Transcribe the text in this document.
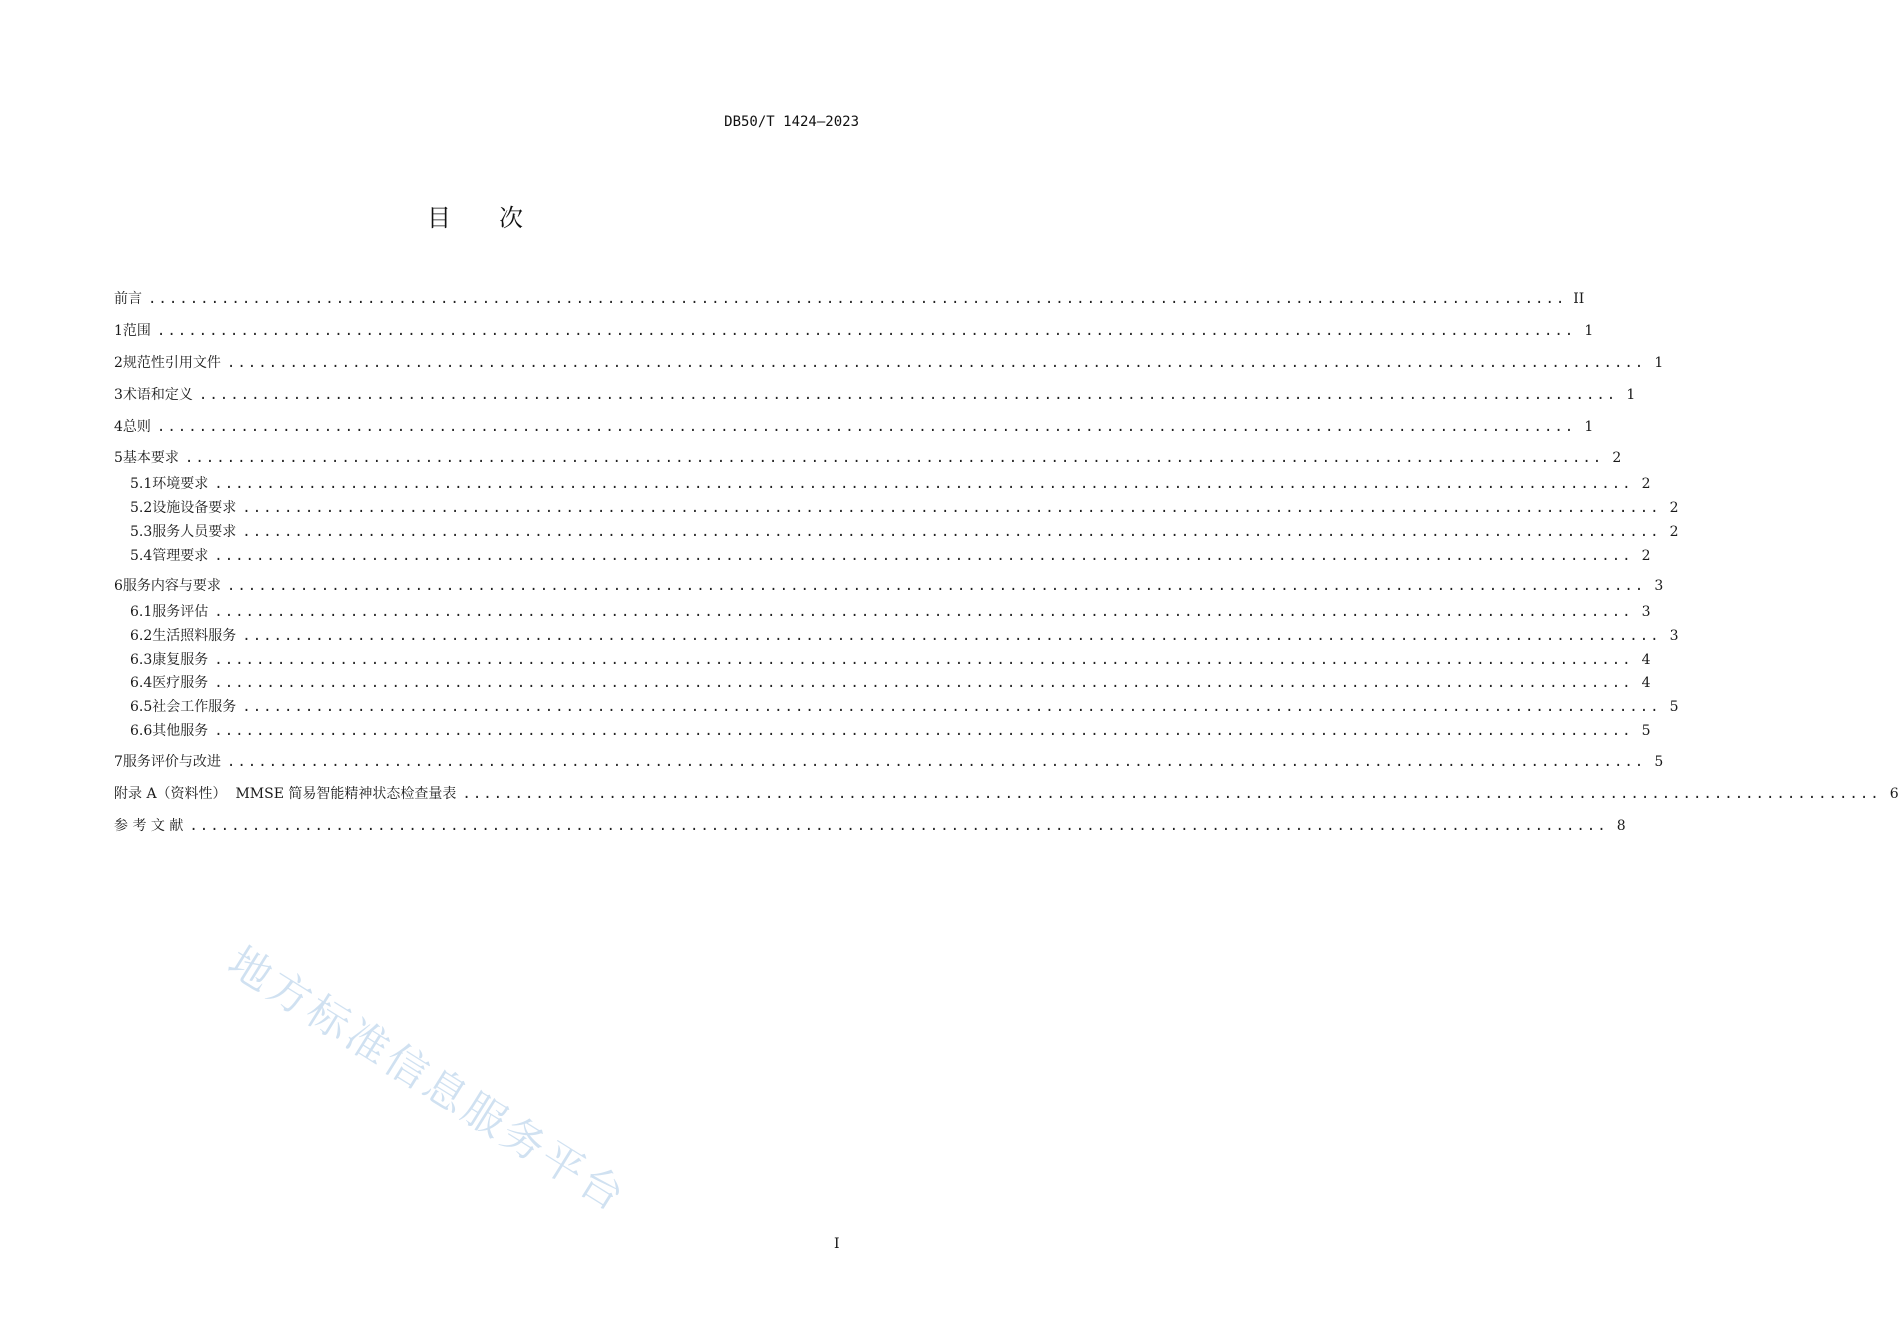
DB50/T 1424—2023
目 次
前言 ........................................................................................................................................ II
1 范围 ........................................................................................................................................ 1
2 规范性引用文件 ........................................................................................................................................ 1
3 术语和定义 ........................................................................................................................................ 1
4 总则 ........................................................................................................................................ 1
5 基本要求 ........................................................................................................................................ 2
5.1 环境要求 ........................................................................................................................................ 2
5.2 设施设备要求 ........................................................................................................................................ 2
5.3 服务人员要求 ........................................................................................................................................ 2
5.4 管理要求 ........................................................................................................................................ 2
6 服务内容与要求 ........................................................................................................................................ 3
6.1 服务评估 ........................................................................................................................................ 3
6.2 生活照料服务 ........................................................................................................................................ 3
6.3 康复服务 ........................................................................................................................................ 4
6.4 医疗服务 ........................................................................................................................................ 4
6.5 社会工作服务 ........................................................................................................................................ 5
6.6 其他服务 ........................................................................................................................................ 5
7 服务评价与改进 ........................................................................................................................................ 5
附录 A（资料性）  MMSE 简易智能精神状态检查量表 ........................................................................................................................................ 6
参 考 文 献 ........................................................................................................................................ 8
地方标准信息服务平台
I
